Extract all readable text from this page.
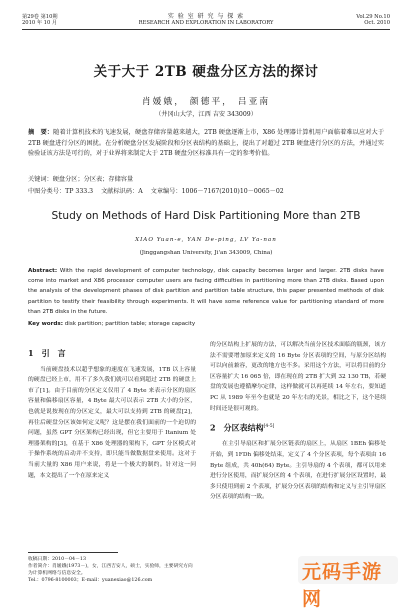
第29卷 第10期
2010 年 10 月
实 验 室 研 究 与 探 索
RESEARCH AND EXPLORATION IN LABORATORY
Vol.29 No.10
Oct. 2010
关于大于 2TB 硬盘分区方法的探讨
肖媛娥， 颜德平， 吕亚南
（井冈山大学，江西 吉安 343009）
摘　要：随着计算机技术的飞速发展，硬盘存储容量越来越大，2TB 硬盘逐渐上市，X86 处理器计算机用户面临着难以应对大于 2TB 硬盘进行分区的困扰。在分析硬盘分区发展阶段和分区表结构的基础上，提出了对超过 2TB 硬盘进行分区的方法，并通过实验验证该方法是可行的，对于业界将来制定大于 2TB 硬盘分区标准具有一定的参考价值。
关键词：硬盘分区；分区表；存储容量
中图分类号：TP 333.3 文献标识码：A 文章编号：1006－7167(2010)10－0065－02
Study on Methods of Hard Disk Partitioning More than 2TB
XIAO Yuan-e, YAN De-ping, LV Ya-nan
(Jinggangshan University, Ji'an 343009, China)
Abstract: With the rapid development of computer technology, disk capacity becomes larger and larger. 2TB disks have come into market and X86 processor computer users are facing difficulties in partitioning more than 2TB disks. Based upon the analysis of the development phases of disk partition and partition table structure, this paper presented methods of disk partition to testify their feasibility through experiments. It will have some reference value for partitioning standard of more than 2TB disks in the future.
Key words: disk partition; partition table; storage capacity
1　引　言

当前硬盘技术以超乎想象的速度在飞速发展，1TB 以上容量的硬盘已经上市，用不了多久我们就可以看到超过 2TB 的硬盘上市了[1]。由于目前的分区定义仅用了 4 Byte 来表示分区的扇区容量和偏移扇区容量，4 Byte 最大可以表示 2TB 大小的分区，也就是说按现在的分区定义，最大可以支持到 2TB 的硬盘[2]，再往后硬盘分区该如何定义呢？这是摆在我们面前的一个迫切的问题，虽然 GPT 分区架构已经出现，但它主要用于 Itanium 处理器架构的[3]，在基于 X86 处理器的架构下，GPT 分区模式对于操作系统的启动并不支持，即只能当做数据盘来使用。这对于当前大量的 X86 用户来说，将是一个极大的制约。针对这一问题，本文提出了一个在原来定义

的分区结构上扩展的方法，可以解决当前分区技术面临的瓶颈，该方法不需要增加原来定义的 16 Byte 分区表项的空间，与原分区结构可以向前兼容，更改的地方也不多。采用这个方法，可以将目前的分区容量扩大 16 065 倍，即在现在的 2TB 扩大到 32 130 TB，若硬盘的发展也遵循摩尔定律，这样做就可以再延续 14 年左右，要知道 PC 从 1989 年至今也就是 20 年左右的光景，相比之下，这个延续时间还是很可观的。

2　分区表结构[4-5]

在主引导扇区和扩展分区链表的扇区上，从扇区 1BEh 偏移处开始，到 1FDh 偏移处结束，定义了 4 个分区表项，每个表项由 16 Byte 组成，共 40h(64) Byte。主引导扇的 4 个表项，都可以用来进行分区使用，而扩展分区的 4 个表项，在进行扩展分区设置时，最多只使用到前 2 个表项，扩展分分区表项的结构和定义与主引导扇区分区表项的结构一致。

收稿日期：2010－04－13
作者简介：肖媛娥(1973－)，女，江西吉安人，硕士，实验师，主要研究方向为计算机网络与信息安全。
Tel.：0796-8100003；E-mail：yuanexiao@126.com	元码手游网
